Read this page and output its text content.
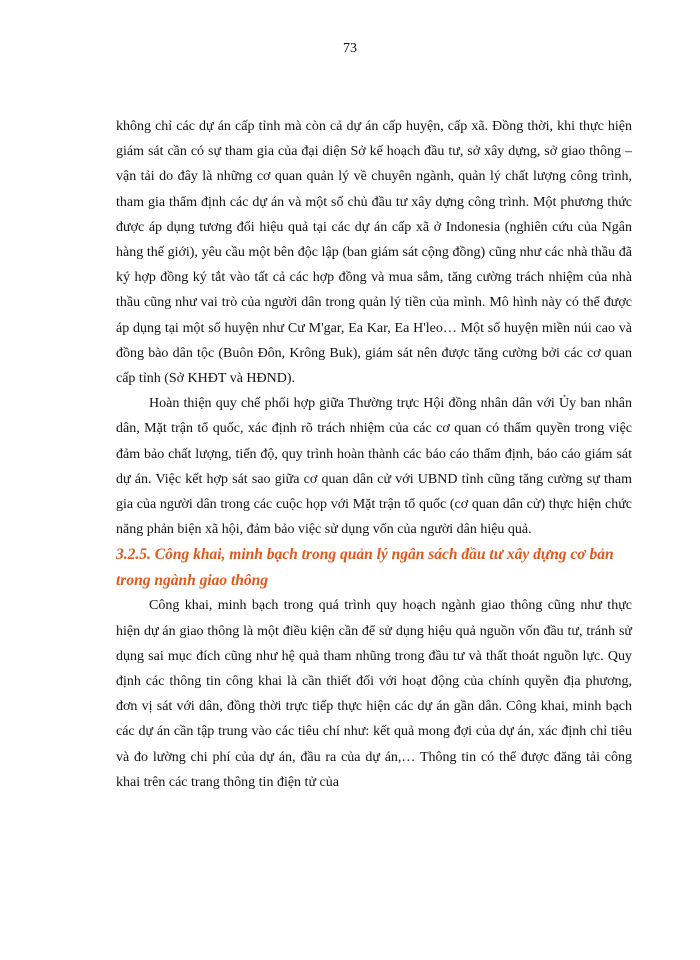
73

không chỉ các dự án cấp tỉnh mà còn cả dự án cấp huyện, cấp xã. Đồng thời, khi thực hiện giám sát cần có sự tham gia của đại diện Sở kế hoạch đầu tư, sở xây dựng, sở giao thông – vận tải do đây là những cơ quan quản lý về chuyên ngành, quản lý chất lượng công trình, tham gia thẩm định các dự án và một số chủ đầu tư xây dựng công trình. Một phương thức được áp dụng tương đối hiệu quả tại các dự án cấp xã ở Indonesia (nghiên cứu của Ngân hàng thế giới), yêu cầu một bên độc lập (ban giám sát cộng đồng) cũng như các nhà thầu đã ký hợp đồng ký tắt vào tất cả các hợp đồng và mua sắm, tăng cường trách nhiệm của nhà thầu cũng như vai trò của người dân trong quản lý tiền của mình. Mô hình này có thể được áp dụng tại một số huyện như Cư M'gar, Ea Kar, Ea H'leo… Một số huyện miền núi cao và đồng bào dân tộc (Buôn Đôn, Krông Buk), giám sát nên được tăng cường bởi các cơ quan cấp tỉnh (Sở KHĐT và HĐND).

Hoàn thiện quy chế phối hợp giữa Thường trực Hội đồng nhân dân với Ủy ban nhân dân, Mặt trận tổ quốc, xác định rõ trách nhiệm của các cơ quan có thẩm quyền trong việc đảm bảo chất lượng, tiến độ, quy trình hoàn thành các báo cáo thẩm định, báo cáo giám sát dự án. Việc kết hợp sát sao giữa cơ quan dân cử với UBND tỉnh cũng tăng cường sự tham gia của người dân trong các cuộc họp với Mặt trận tổ quốc (cơ quan dân cử) thực hiện chức năng phản biện xã hội, đảm bảo việc sử dụng vốn của người dân hiệu quả.

3.2.5. Công khai, minh bạch trong quản lý ngân sách đầu tư xây dựng cơ bản trong ngành giao thông

Công khai, minh bạch trong quá trình quy hoạch ngành giao thông cũng như thực hiện dự án giao thông là một điều kiện cần để sử dụng hiệu quả nguồn vốn đầu tư, tránh sử dụng sai mục đích cũng như hệ quả tham nhũng trong đầu tư và thất thoát nguồn lực. Quy định các thông tin công khai là cần thiết đối với hoạt động của chính quyền địa phương, đơn vị sát với dân, đồng thời trực tiếp thực hiện các dự án gần dân. Công khai, minh bạch các dự án cần tập trung vào các tiêu chí như: kết quả mong đợi của dự án, xác định chỉ tiêu và đo lường chi phí của dự án, đầu ra của dự án,… Thông tin có thể được đăng tải công khai trên các trang thông tin điện tử của
